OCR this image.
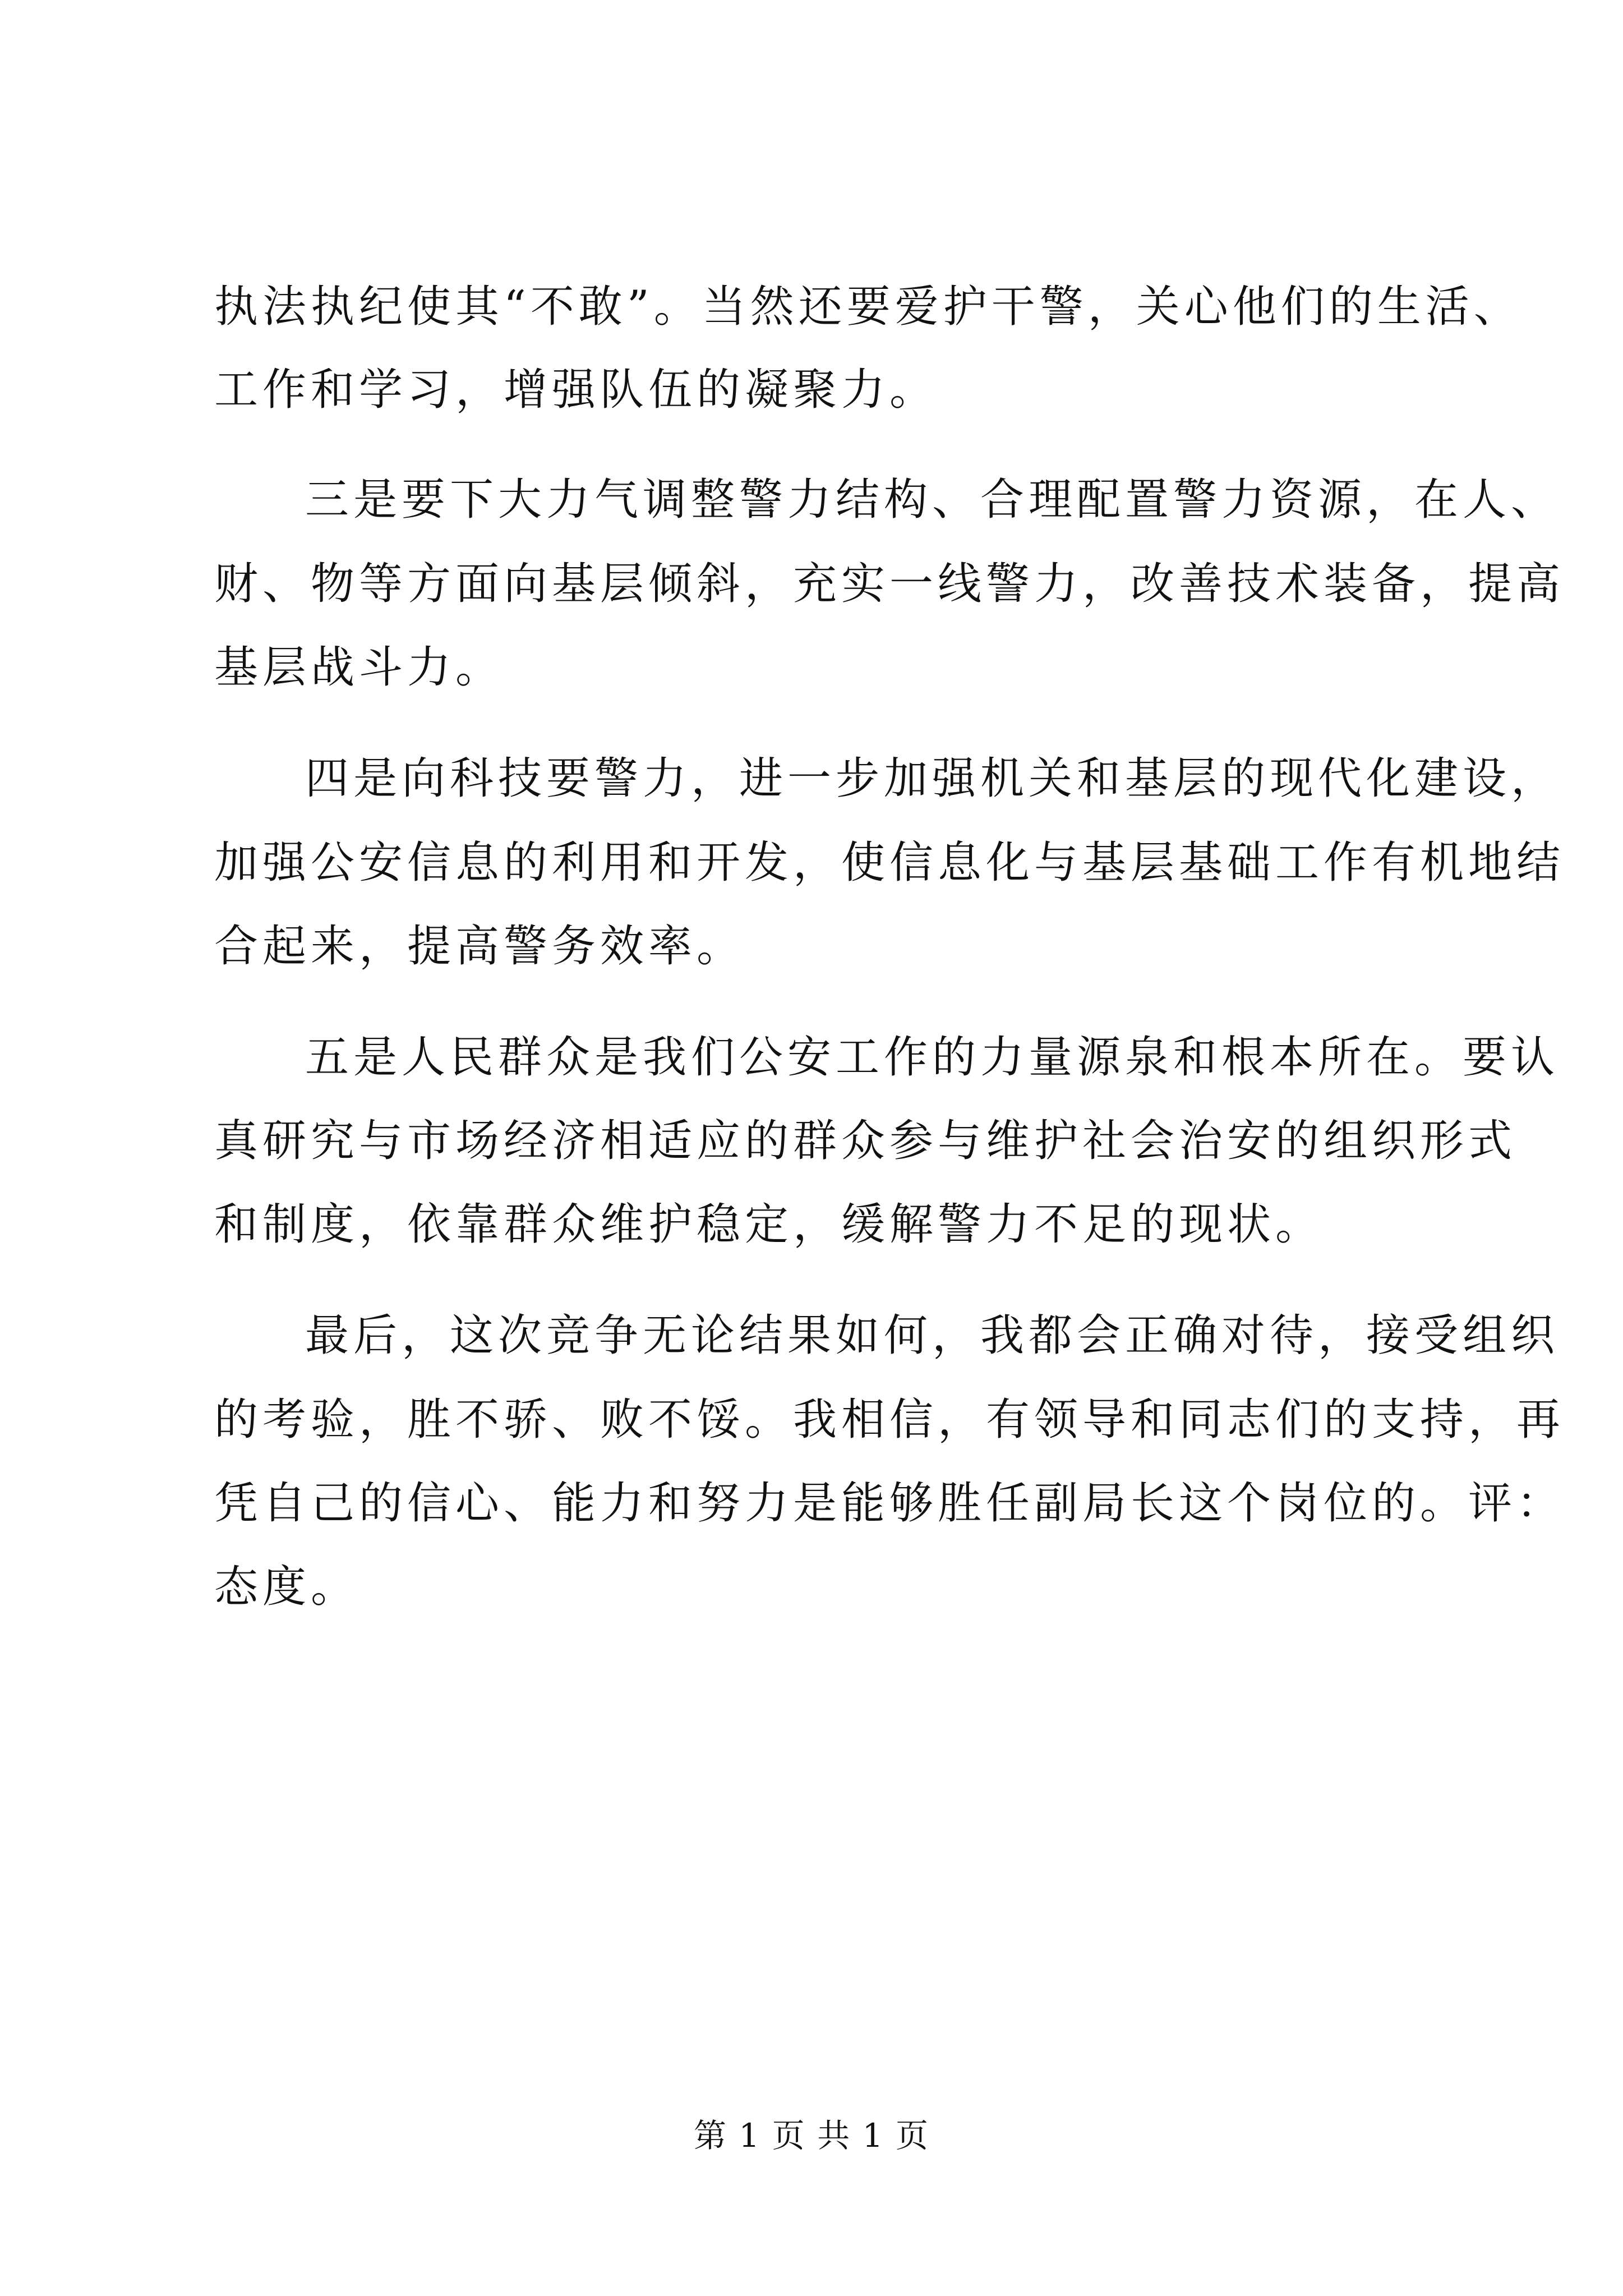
执法执纪使其“不敢”。当然还要爱护干警，关心他们的生活、
工作和学习，增强队伍的凝聚力。
三是要下大力气调整警力结构、合理配置警力资源，在人、
财、物等方面向基层倾斜，充实一线警力，改善技术装备，提高
基层战斗力。
四是向科技要警力，进一步加强机关和基层的现代化建设，
加强公安信息的利用和开发，使信息化与基层基础工作有机地结
合起来，提高警务效率。
五是人民群众是我们公安工作的力量源泉和根本所在。要认
真研究与市场经济相适应的群众参与维护社会治安的组织形式
和制度，依靠群众维护稳定，缓解警力不足的现状。
最后，这次竞争无论结果如何，我都会正确对待，接受组织
的考验，胜不骄、败不馁。我相信，有领导和同志们的支持，再
凭自己的信心、能力和努力是能够胜任副局长这个岗位的。评：
态度。
第 1 页 共 1 页
